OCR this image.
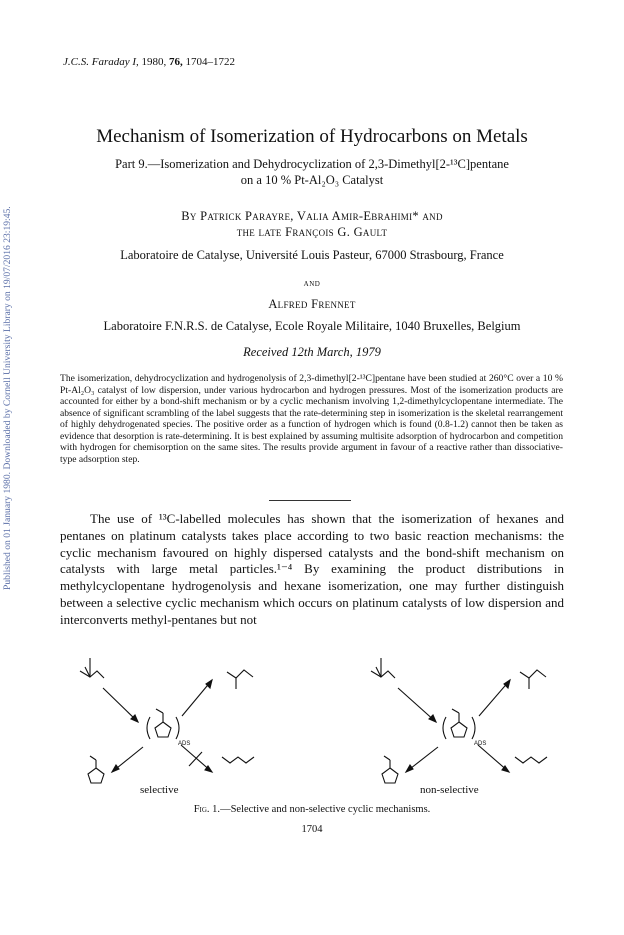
Published on 01 January 1980. Downloaded by Cornell University Library on 19/07/2016 23:19:45.
J.C.S. Faraday I, 1980, 76, 1704–1722
Mechanism of Isomerization of Hydrocarbons on Metals
Part 9.—Isomerization and Dehydrocyclization of 2,3-Dimethyl[2-¹³C]pentane
on a 10 % Pt-Al₂O₃ Catalyst
By Patrick Parayre, Valia Amir-Ebrahimi* and
the late François G. Gault
Laboratoire de Catalyse, Université Louis Pasteur, 67000 Strasbourg, France
and
Alfred Frennet
Laboratoire F.N.R.S. de Catalyse, Ecole Royale Militaire, 1040 Bruxelles, Belgium
Received 12th March, 1979
The isomerization, dehydrocyclization and hydrogenolysis of 2,3-dimethyl[2-¹³C]pentane have been studied at 260°C over a 10 % Pt-Al₂O₃ catalyst of low dispersion, under various hydrocarbon and hydrogen pressures. Most of the isomerization products are accounted for either by a bond-shift mechanism or by a cyclic mechanism involving 1,2-dimethylcyclopentane intermediate. The absence of significant scrambling of the label suggests that the rate-determining step in isomerization is the skeletal rearrangement of highly dehydrogenated species. The positive order as a function of hydrogen which is found (0.8-1.2) cannot then be taken as evidence that desorption is rate-determining. It is best explained by assuming multisite adsorption of hydrocarbon and competition with hydrogen for chemisorption on the same sites. The results provide argument in favour of a reactive rather than dissociative-type adsorption step.

The use of ¹³C-labelled molecules has shown that the isomerization of hexanes and pentanes on platinum catalysts takes place according to two basic reaction mechanisms: the cyclic mechanism favoured on highly dispersed catalysts and the bond-shift mechanism on catalysts with large metal particles.¹⁻⁴ By examining the product distributions in methylcyclopentane hydrogenolysis and hexane isomerization, one may further distinguish between a selective cyclic mechanism which occurs on platinum catalysts of low dispersion and interconverts methyl-pentanes but not

ADS	ADS
selective	non-selective
Fig. 1.—Selective and non-selective cyclic mechanisms.
1704
